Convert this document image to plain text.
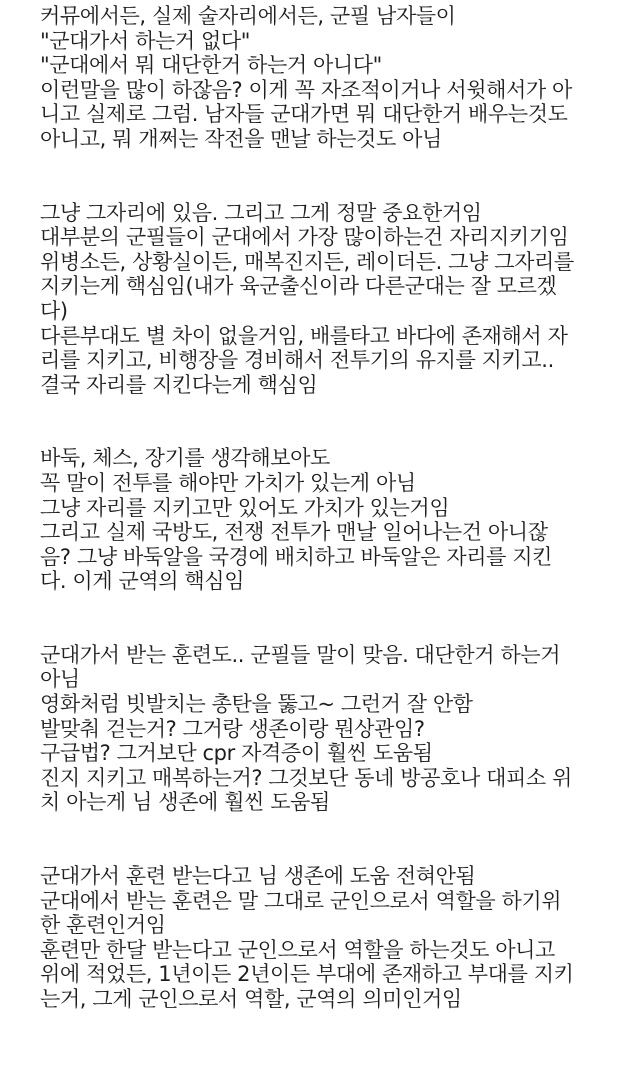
커뮤에서든, 실제 술자리에서든, 군필 남자들이
"군대가서 하는거 없다"
"군대에서 뭐 대단한거 하는거 아니다"
이런말을 많이 하잖음? 이게 꼭 자조적이거나 서윗해서가 아
니고 실제로 그럼. 남자들 군대가면 뭐 대단한거 배우는것도
아니고, 뭐 개쩌는 작전을 맨날 하는것도 아님
그냥 그자리에 있음. 그리고 그게 정말 중요한거임
대부분의 군필들이 군대에서 가장 많이하는건 자리지키기임
위병소든, 상황실이든, 매복진지든, 레이더든. 그냥 그자리를
지키는게 핵심임(내가 육군출신이라 다른군대는 잘 모르겠
다)
다른부대도 별 차이 없을거임, 배를타고 바다에 존재해서 자
리를 지키고, 비행장을 경비해서 전투기의 유지를 지키고..
결국 자리를 지킨다는게 핵심임
바둑, 체스, 장기를 생각해보아도
꼭 말이 전투를 해야만 가치가 있는게 아님
그냥 자리를 지키고만 있어도 가치가 있는거임
그리고 실제 국방도, 전쟁 전투가 맨날 일어나는건 아니잖
음? 그냥 바둑알을 국경에 배치하고 바둑알은 자리를 지킨
다. 이게 군역의 핵심임
군대가서 받는 훈련도.. 군필들 말이 맞음. 대단한거 하는거
아님
영화처럼 빗발치는 총탄을 뚫고~ 그런거 잘 안함
발맞춰 걷는거? 그거랑 생존이랑 뭔상관임?
구급법? 그거보단 cpr 자격증이 훨씬 도움됨
진지 지키고 매복하는거? 그것보단 동네 방공호나 대피소 위
치 아는게 님 생존에 훨씬 도움됨
군대가서 훈련 받는다고 님 생존에 도움 전혀안됨
군대에서 받는 훈련은 말 그대로 군인으로서 역할을 하기위
한 훈련인거임
훈련만 한달 받는다고 군인으로서 역할을 하는것도 아니고
위에 적었든, 1년이든 2년이든 부대에 존재하고 부대를 지키
는거, 그게 군인으로서 역할, 군역의 의미인거임
